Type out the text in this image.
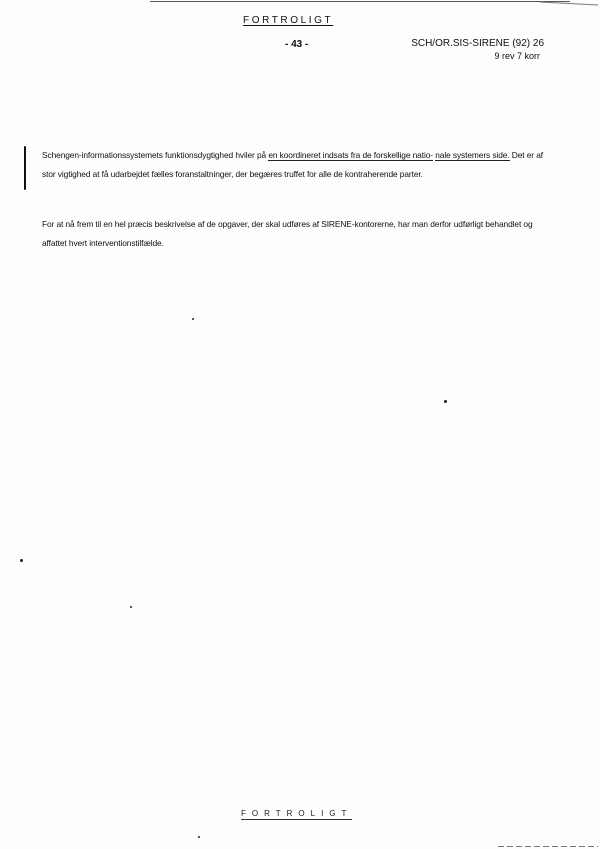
FORTROLIGT
- 43 -	SCH/OR.SIS-SIRENE (92) 26

9 rev 7 korr
Schengen-informationssystemets funktionsdygtighed hviler på en koordineret indsats fra de forskellige natio- nale systemers side. Det er af stor vigtighed at få udarbejdet fælles foranstaltninger, der begæres truffet for alle de kontraherende parter.
For at nå frem til en hel præcis beskrivelse af de opgaver, der skal udføres af SIRENE-kontorerne, har man derfor udførligt behandlet og affattet hvert interventionstilfælde.
FORTROLIGT
